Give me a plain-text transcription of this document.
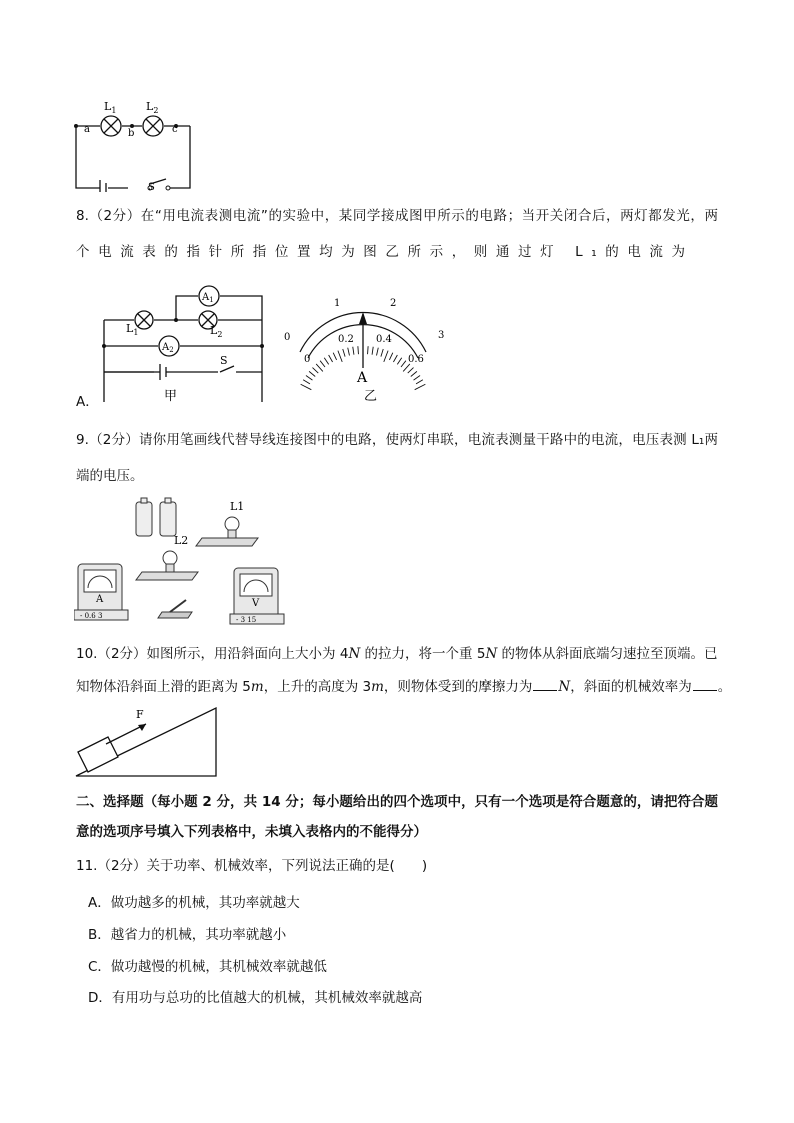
$L_1$	$L_2$
a	b	c
S
8.（2分）在“用电流表测电流”的实验中，某同学接成图甲所示的电路；当开关闭合后，两灯都发光，两
个电流表的指针所指位置均为图乙所示，则通过灯 L₁的电流为
$A_1$
$A_2$
$L_1$	$L_2$
S
甲
0
1	2
3
0
0.2 0.4
0.6
A
乙
A．
9.（2分）请你用笔画线代替导线连接图中的电路，使两灯串联，电流表测量干路中的电流，电压表测 L₁两
端的电压。
L1
L2
A
- 0.6 3
V
- 3 15
10.（2分）如图所示，用沿斜面向上大小为 4N 的拉力，将一个重 5N 的物体从斜面底端匀速拉至顶端。已
知物体沿斜面上滑的距离为 5m，上升的高度为 3m，则物体受到的摩擦力为 N，斜面的机械效率为 。
F
二、选择题（每小题 2 分，共 14 分；每小题给出的四个选项中，只有一个选项是符合题意的，请把符合题
意的选项序号填入下列表格中，未填入表格内的不能得分）
11.（2分）关于功率、机械效率，下列说法正确的是(　　)
A．做功越多的机械，其功率就越大
B．越省力的机械，其功率就越小
C．做功越慢的机械，其机械效率就越低
D．有用功与总功的比值越大的机械，其机械效率就越高
